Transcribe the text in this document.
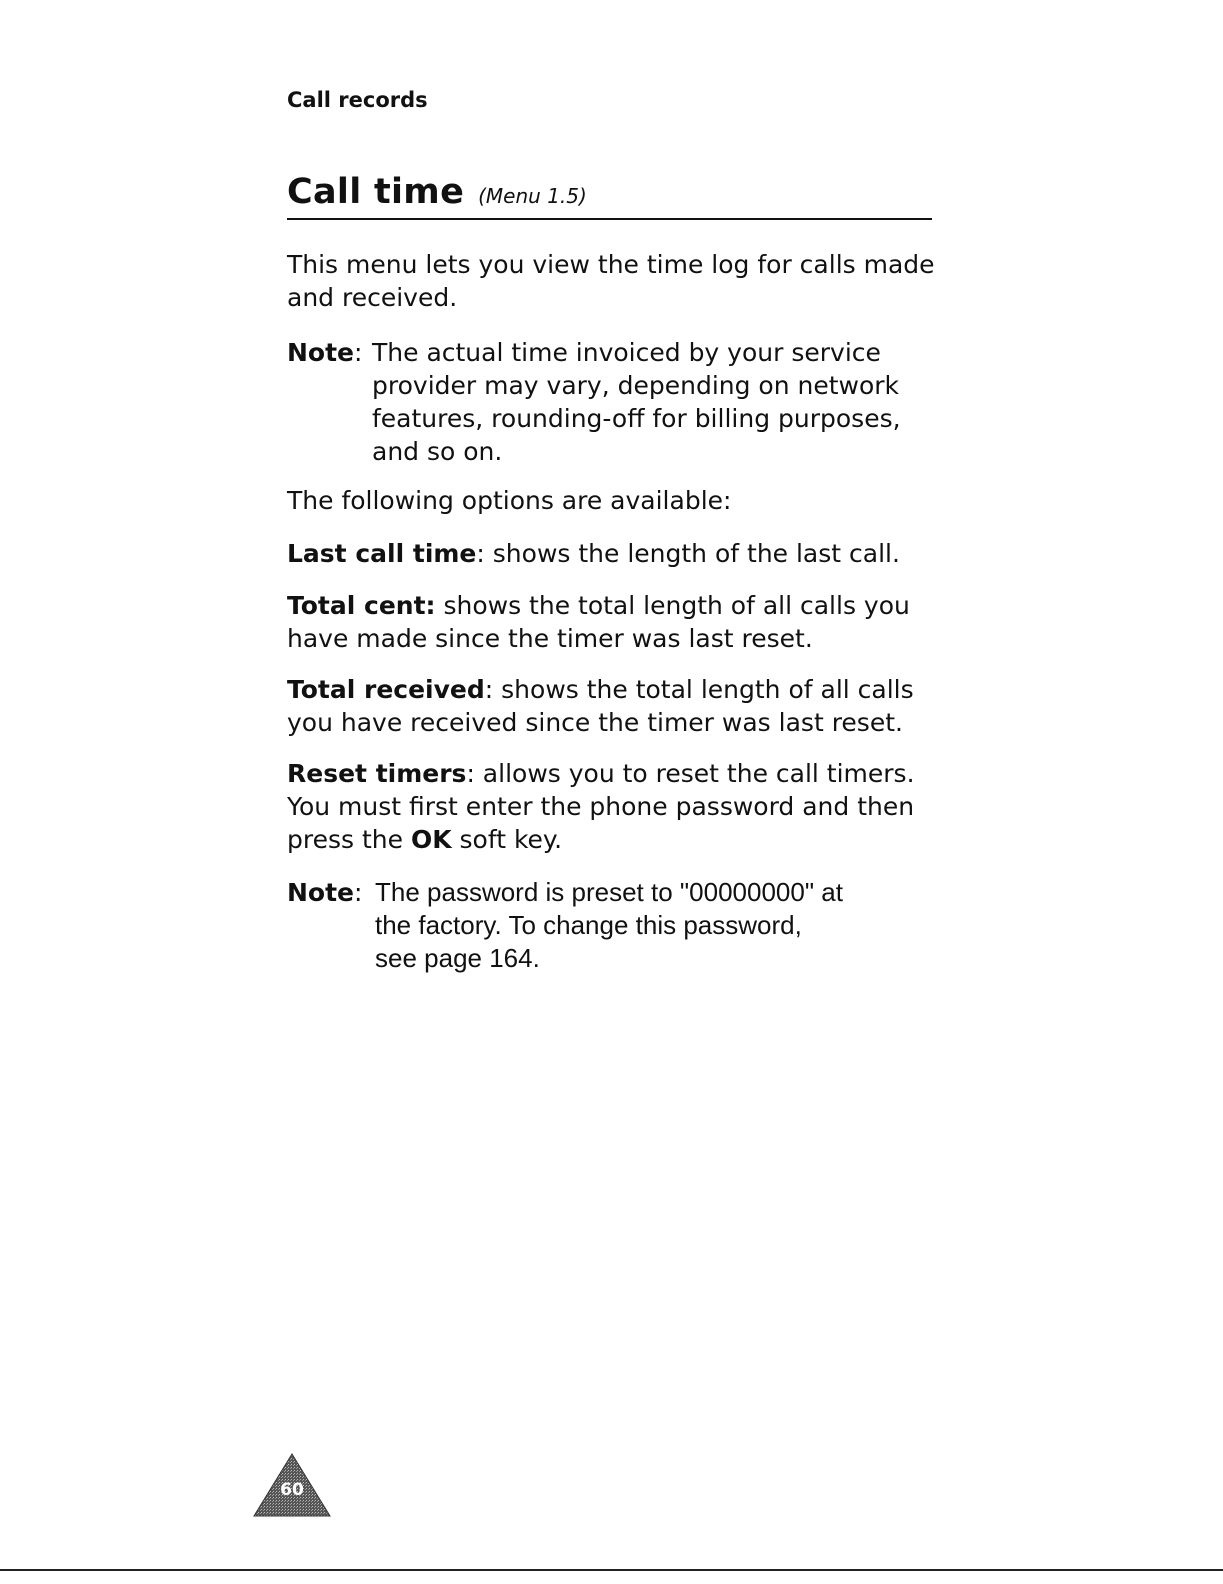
Call records
Call time (Menu 1.5)

This menu lets you view the time log for calls made and received.

Note: The actual time invoiced by your service provider may vary, depending on network features, rounding-off for billing purposes, and so on.

The following options are available:

Last call time: shows the length of the last call.

Total cent: shows the total length of all calls you have made since the timer was last reset.

Total received: shows the total length of all calls you have received since the timer was last reset.

Reset timers: allows you to reset the call timers. You must first enter the phone password and then press the OK soft key.

Note: The password is preset to "00000000" at the factory. To change this password, see page 164.
60
